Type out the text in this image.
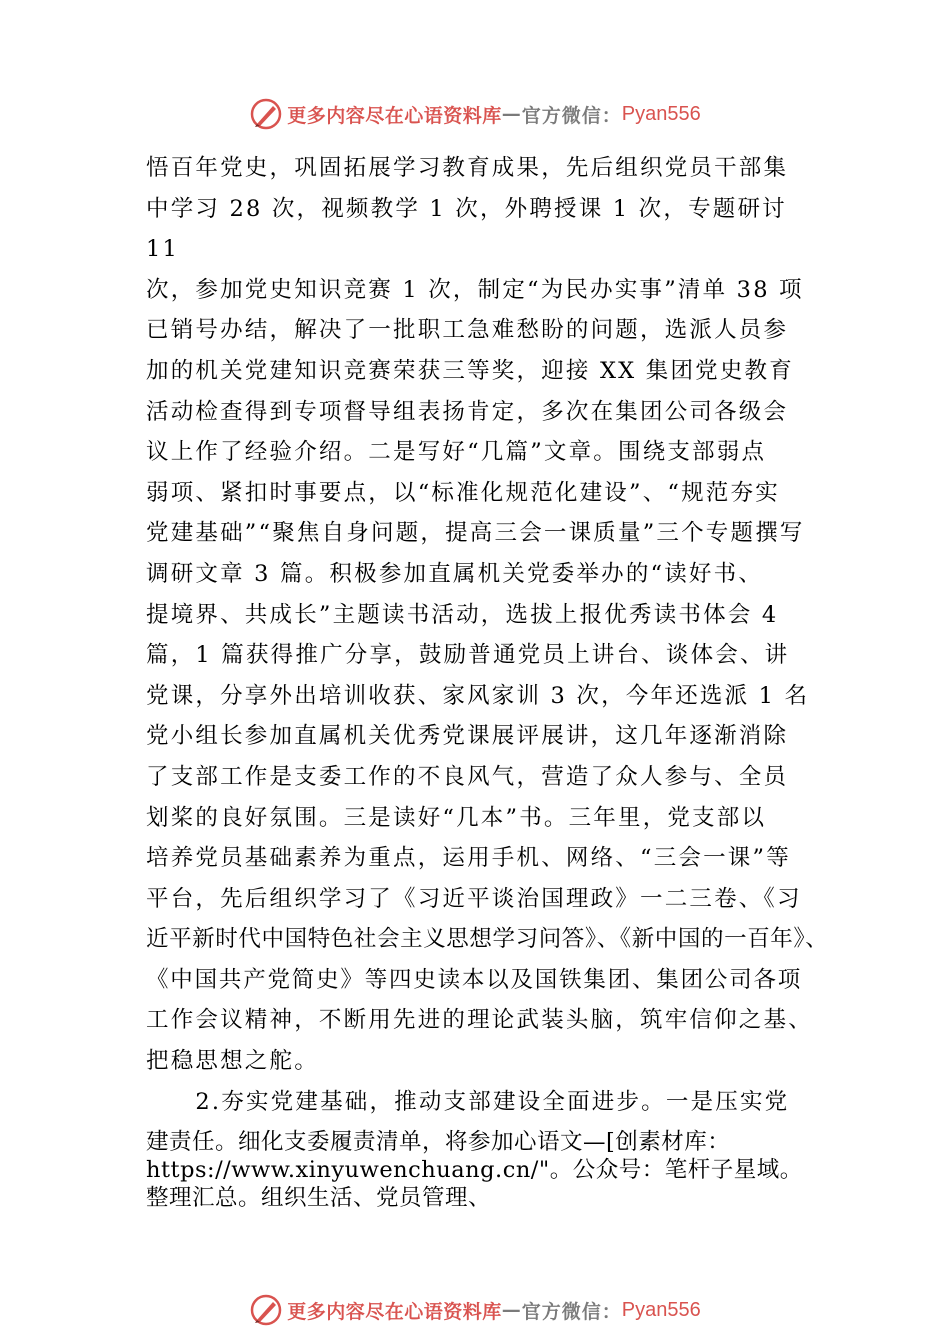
更多内容尽在心语资料库 — 官方微信： Pyan556

悟百年党史，巩固拓展学习教育成果，先后组织党员干部集

中学习 28 次，视频教学 1 次，外聘授课 1 次，专题研讨

11

次，参加党史知识竞赛 1 次，制定“为民办实事”清单 38 项

已销号办结，解决了一批职工急难愁盼的问题，选派人员参

加的机关党建知识竞赛荣获三等奖，迎接 XX 集团党史教育

活动检查得到专项督导组表扬肯定，多次在集团公司各级会

议上作了经验介绍。二是写好“几篇”文章。围绕支部弱点

弱项、紧扣时事要点，以“标准化规范化建设”、“规范夯实

党建基础”“聚焦自身问题，提高三会一课质量”三个专题撰写

调研文章 3 篇。积极参加直属机关党委举办的“读好书、

提境界、共成长”主题读书活动，选拔上报优秀读书体会 4

篇，1 篇获得推广分享，鼓励普通党员上讲台、谈体会、讲

党课，分享外出培训收获、家风家训 3 次，今年还选派 1 名

党小组长参加直属机关优秀党课展评展讲，这几年逐渐消除

了支部工作是支委工作的不良风气，营造了众人参与、全员

划桨的良好氛围。三是读好“几本”书。三年里，党支部以

培养党员基础素养为重点，运用手机、网络、“三会一课”等

平台，先后组织学习了《习近平谈治国理政》一二三卷、《习

近平新时代中国特色社会主义思想学习问答》、《新中国的一百年》、

《中国共产党简史》等四史读本以及国铁集团、集团公司各项

工作会议精神，不断用先进的理论武装头脑，筑牢信仰之基、

把稳思想之舵。

　　2.夯实党建基础，推动支部建设全面进步。一是压实党

建责任。细化支委履责清单，将参加心语文—[创素材库：

https://www.xinyuwenchuang.cn/"。公众号：笔杆子星域。

整理汇总。组织生活、党员管理、

更多内容尽在心语资料库 — 官方微信： Pyan556
